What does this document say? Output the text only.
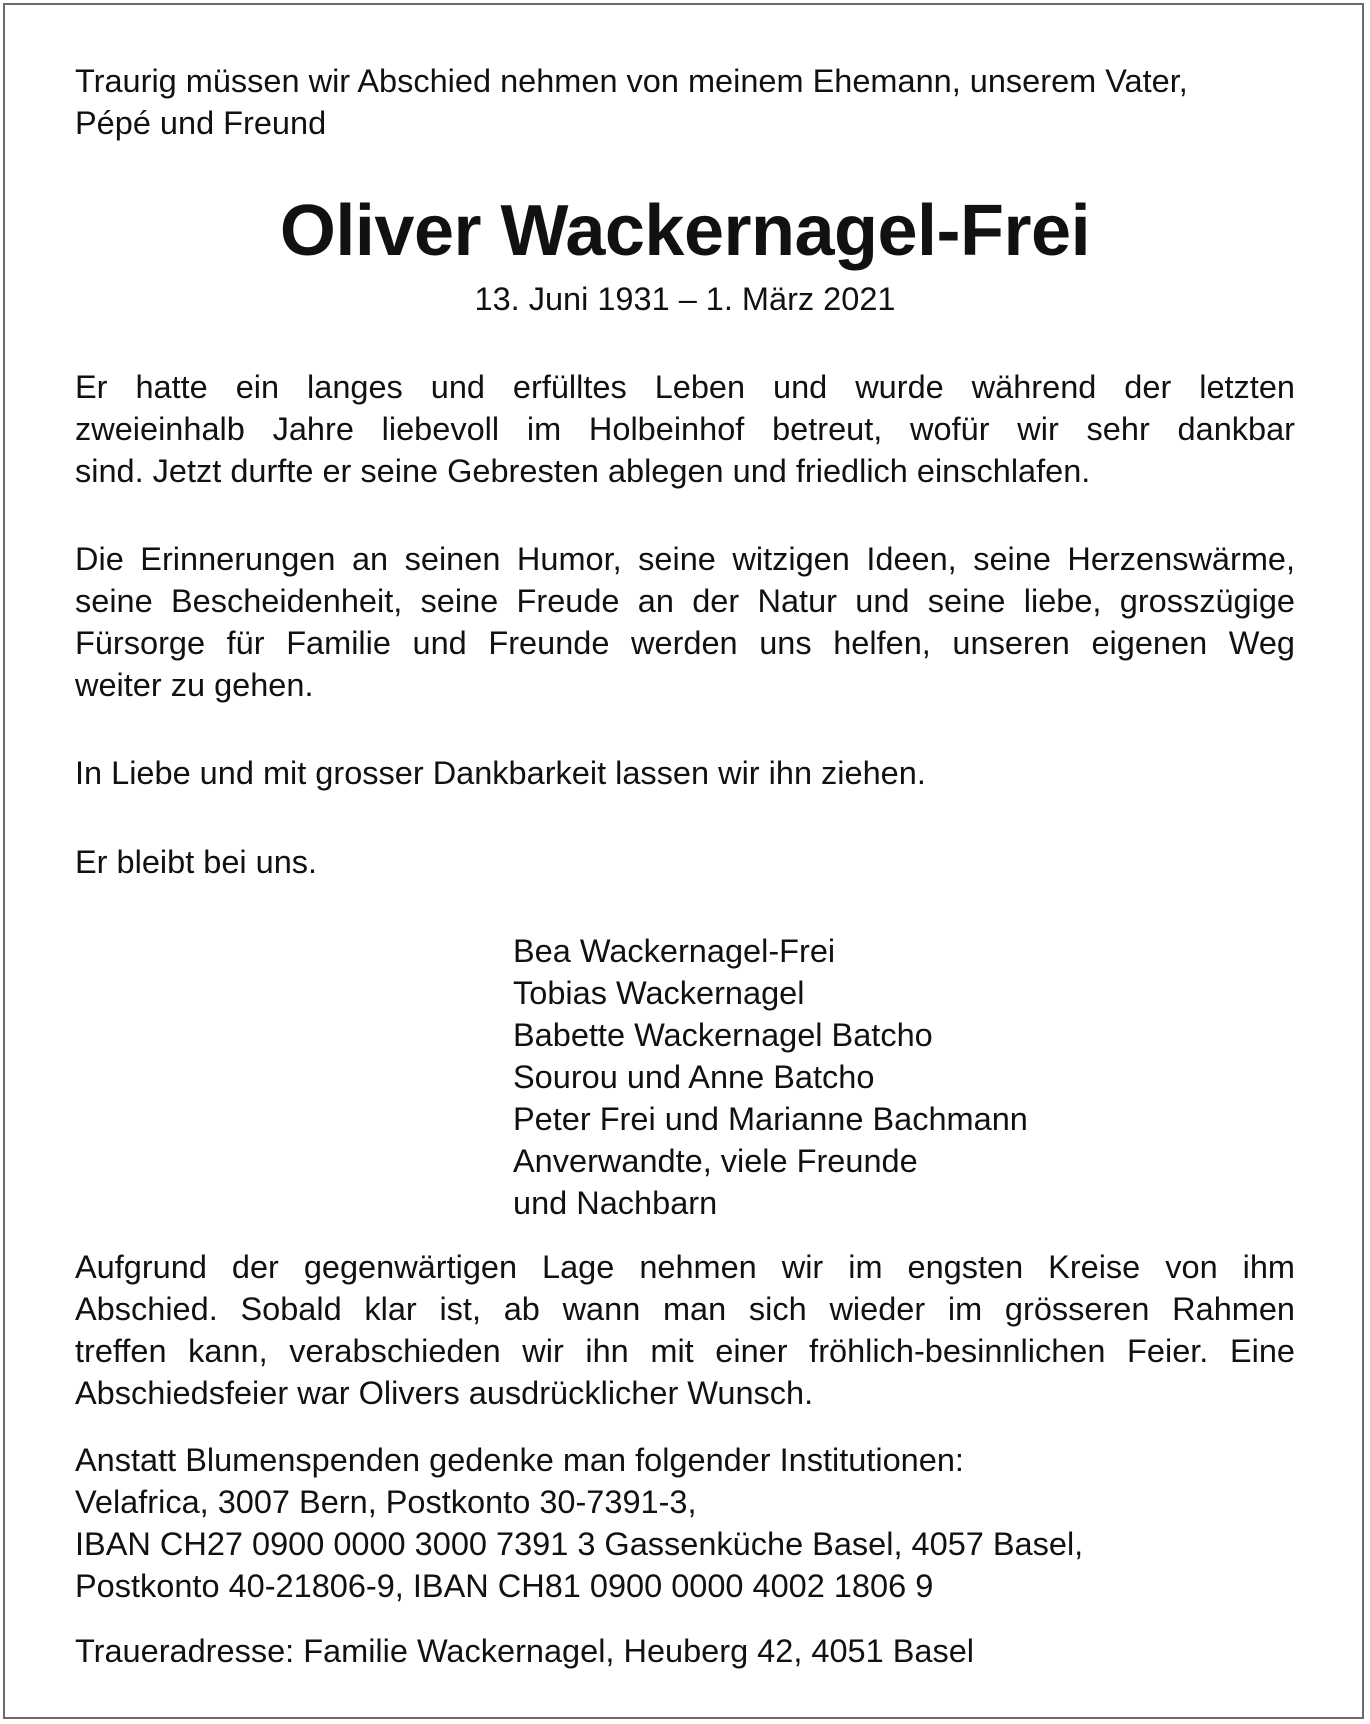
Traurig müssen wir Abschied nehmen von meinem Ehemann, unserem Vater,
Pépé und Freund
Oliver Wackernagel-Frei
13. Juni 1931 – 1. März 2021
Er hatte ein langes und erfülltes Leben und wurde während der letzten
zweieinhalb Jahre liebevoll im Holbeinhof betreut, wofür wir sehr dankbar
sind. Jetzt durfte er seine Gebresten ablegen und friedlich einschlafen.
Die Erinnerungen an seinen Humor, seine witzigen Ideen, seine Herzenswärme,
seine Bescheidenheit, seine Freude an der Natur und seine liebe, grosszügige
Fürsorge für Familie und Freunde werden uns helfen, unseren eigenen Weg
weiter zu gehen.
In Liebe und mit grosser Dankbarkeit lassen wir ihn ziehen.
Er bleibt bei uns.
Bea Wackernagel-Frei
Tobias Wackernagel
Babette Wackernagel Batcho
Sourou und Anne Batcho
Peter Frei und Marianne Bachmann
Anverwandte, viele Freunde
und Nachbarn
Aufgrund der gegenwärtigen Lage nehmen wir im engsten Kreise von ihm
Abschied. Sobald klar ist, ab wann man sich wieder im grösseren Rahmen
treffen kann, verabschieden wir ihn mit einer fröhlich-besinnlichen Feier. Eine
Abschiedsfeier war Olivers ausdrücklicher Wunsch.
Anstatt Blumenspenden gedenke man folgender Institutionen:
Velafrica, 3007 Bern, Postkonto 30-7391-3,
IBAN CH27 0900 0000 3000 7391 3 Gassenküche Basel, 4057 Basel,
Postkonto 40-21806-9, IBAN CH81 0900 0000 4002 1806 9
Traueradresse: Familie Wackernagel, Heuberg 42, 4051 Basel
